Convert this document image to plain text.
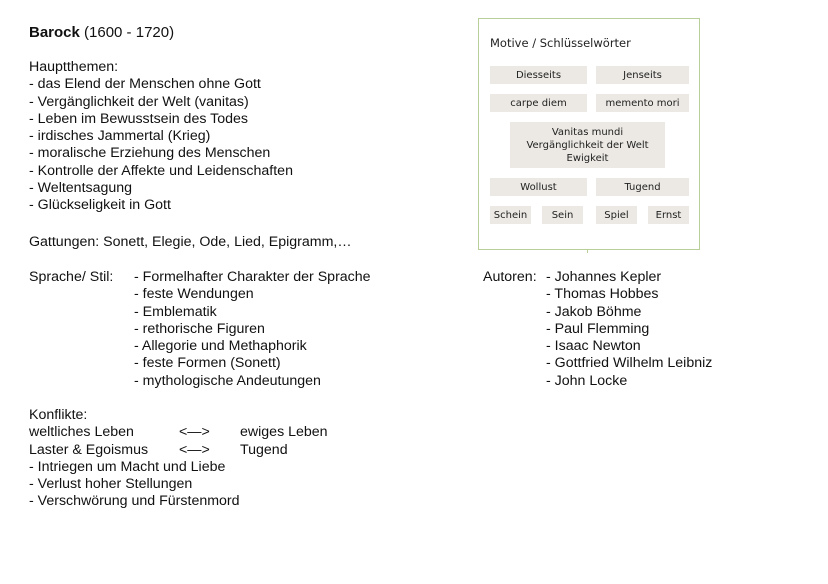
Barock (1600 - 1720)
Hauptthemen:
- das Elend der Menschen ohne Gott
- Vergänglichkeit der Welt (vanitas)
- Leben im Bewusstsein des Todes
- irdisches Jammertal (Krieg)
- moralische Erziehung des Menschen
- Kontrolle der Affekte und Leidenschaften
- Weltentsagung
- Glückseligkeit in Gott
Gattungen: Sonett, Elegie, Ode, Lied, Epigramm,…
Sprache/ Stil: - Formelhafter Charakter der Sprache
- feste Wendungen
- Emblematik
- rethorische Figuren
- Allegorie und Methaphorik
- feste Formen (Sonett)
- mythologische Andeutungen
Konflikte:
weltliches Leben	<—>	ewiges Leben
Laster & Egoismus	<—>	Tugend
- Intriegen um Macht und Liebe
- Verlust hoher Stellungen
- Verschwörung und Fürstenmord
Motive / Schlüsselwörter
Diesseits	Jenseits
carpe diem	memento mori
Vanitas mundi
Vergänglichkeit der Welt
Ewigkeit
Wollust	Tugend
Schein	Sein	Spiel	Ernst
Autoren: - Johannes Kepler
- Thomas Hobbes
- Jakob Böhme
- Paul Flemming
- Isaac Newton
- Gottfried Wilhelm Leibniz
- John Locke
